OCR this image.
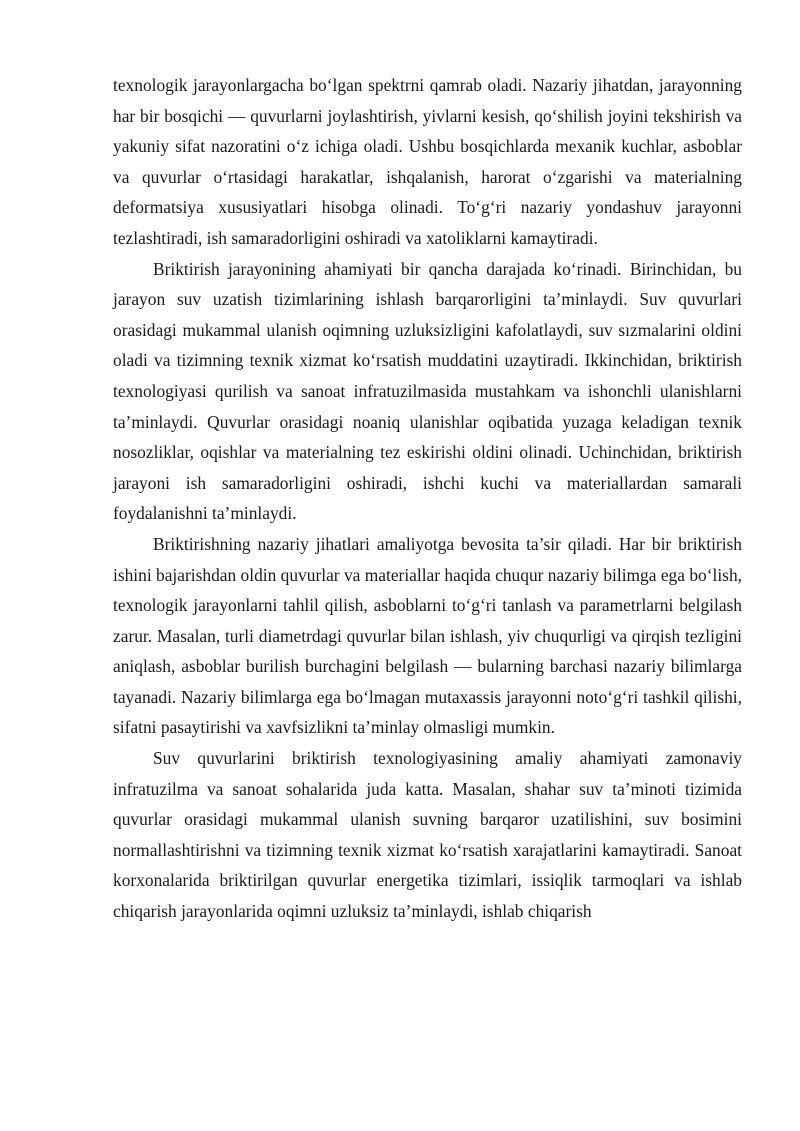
texnologik jarayonlargacha bo‘lgan spektrni qamrab oladi. Nazariy jihatdan, jarayonning har bir bosqichi — quvurlarni joylashtirish, yivlarni kesish, qo‘shilish joyini tekshirish va yakuniy sifat nazoratini o‘z ichiga oladi. Ushbu bosqichlarda mexanik kuchlar, asboblar va quvurlar o‘rtasidagi harakatlar, ishqalanish, harorat o‘zgarishi va materialning deformatsiya xususiyatlari hisobga olinadi. To‘g‘ri nazariy yondashuv jarayonni tezlashtiradi, ish samaradorligini oshiradi va xatoliklarni kamaytiradi.

Briktirish jarayonining ahamiyati bir qancha darajada ko‘rinadi. Birinchidan, bu jarayon suv uzatish tizimlarining ishlash barqarorligini ta’minlaydi. Suv quvurlari orasidagi mukammal ulanish oqimning uzluksizligini kafolatlaydi, suv sızmalarini oldini oladi va tizimning texnik xizmat ko‘rsatish muddatini uzaytiradi. Ikkinchidan, briktirish texnologiyasi qurilish va sanoat infratuzilmasida mustahkam va ishonchli ulanishlarni ta’minlaydi. Quvurlar orasidagi noaniq ulanishlar oqibatida yuzaga keladigan texnik nosozliklar, oqishlar va materialning tez eskirishi oldini olinadi. Uchinchidan, briktirish jarayoni ish samaradorligini oshiradi, ishchi kuchi va materiallardan samarali foydalanishni ta’minlaydi.

Briktirishning nazariy jihatlari amaliyotga bevosita ta’sir qiladi. Har bir briktirish ishini bajarishdan oldin quvurlar va materiallar haqida chuqur nazariy bilimga ega bo‘lish, texnologik jarayonlarni tahlil qilish, asboblarni to‘g‘ri tanlash va parametrlarni belgilash zarur. Masalan, turli diametrdagi quvurlar bilan ishlash, yiv chuqurligi va qirqish tezligini aniqlash, asboblar burilish burchagini belgilash — bularning barchasi nazariy bilimlarga tayanadi. Nazariy bilimlarga ega bo‘lmagan mutaxassis jarayonni noto‘g‘ri tashkil qilishi, sifatni pasaytirishi va xavfsizlikni ta’minlay olmasligi mumkin.

Suv quvurlarini briktirish texnologiyasining amaliy ahamiyati zamonaviy infratuzilma va sanoat sohalarida juda katta. Masalan, shahar suv ta’minoti tizimida quvurlar orasidagi mukammal ulanish suvning barqaror uzatilishini, suv bosimini normallashtirishni va tizimning texnik xizmat ko‘rsatish xarajatlarini kamaytiradi. Sanoat korxonalarida briktirilgan quvurlar energetika tizimlari, issiqlik tarmoqlari va ishlab chiqarish jarayonlarida oqimni uzluksiz ta’minlaydi, ishlab chiqarish
